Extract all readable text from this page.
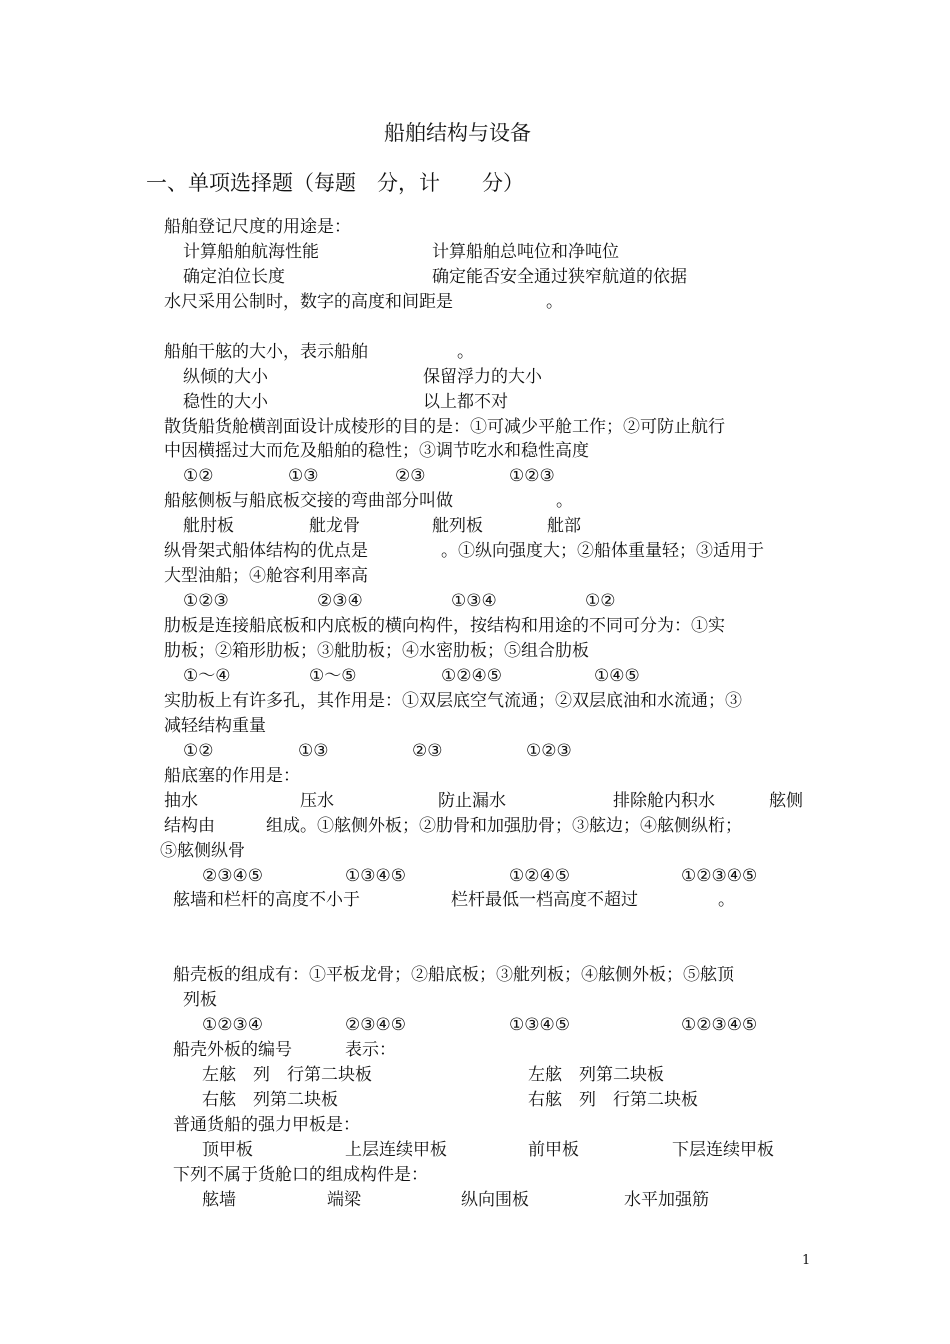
船舶结构与设备
一、单项选择题（每题　分，计　　分）
船舶登记尺度的用途是：
计算船舶航海性能	计算船舶总吨位和净吨位
确定泊位长度	确定能否安全通过狭窄航道的依据
水尺采用公制时，数字的高度和间距是	。
船舶干舷的大小，表示船舶	。
纵倾的大小	保留浮力的大小
稳性的大小	以上都不对
散货船货舱横剖面设计成棱形的目的是：①可减少平舱工作；②可防止航行
中因横摇过大而危及船舶的稳性；③调节吃水和稳性高度
①②	①③	②③	①②③
船舷侧板与船底板交接的弯曲部分叫做	。
舭肘板	舭龙骨	舭列板	舭部
纵骨架式船体结构的优点是	。①纵向强度大；②船体重量轻；③适用于
大型油船；④舱容利用率高
①②③	②③④	①③④	①②
肋板是连接船底板和内底板的横向构件，按结构和用途的不同可分为：①实
肋板；②箱形肋板；③舭肋板；④水密肋板；⑤组合肋板
①～④	①～⑤	①②④⑤	①④⑤
实肋板上有许多孔，其作用是：①双层底空气流通；②双层底油和水流通；③
减轻结构重量
①②	①③	②③	①②③
船底塞的作用是：
抽水	压水	防止漏水	排除舱内积水	舷侧
结构由	组成。①舷侧外板；②肋骨和加强肋骨；③舷边；④舷侧纵桁；
⑤舷侧纵骨
②③④⑤	①③④⑤	①②④⑤	①②③④⑤
舷墙和栏杆的高度不小于	栏杆最低一档高度不超过	。
船壳板的组成有：①平板龙骨；②船底板；③舭列板；④舷侧外板；⑤舷顶
列板
①②③④	②③④⑤	①③④⑤	①②③④⑤
船壳外板的编号	表示：
左舷　列　行第二块板	左舷　列第二块板
右舷　列第二块板	右舷　列　行第二块板
普通货船的强力甲板是：
顶甲板	上层连续甲板	前甲板	下层连续甲板
下列不属于货舱口的组成构件是：
舷墙	端梁	纵向围板	水平加强筋
1
